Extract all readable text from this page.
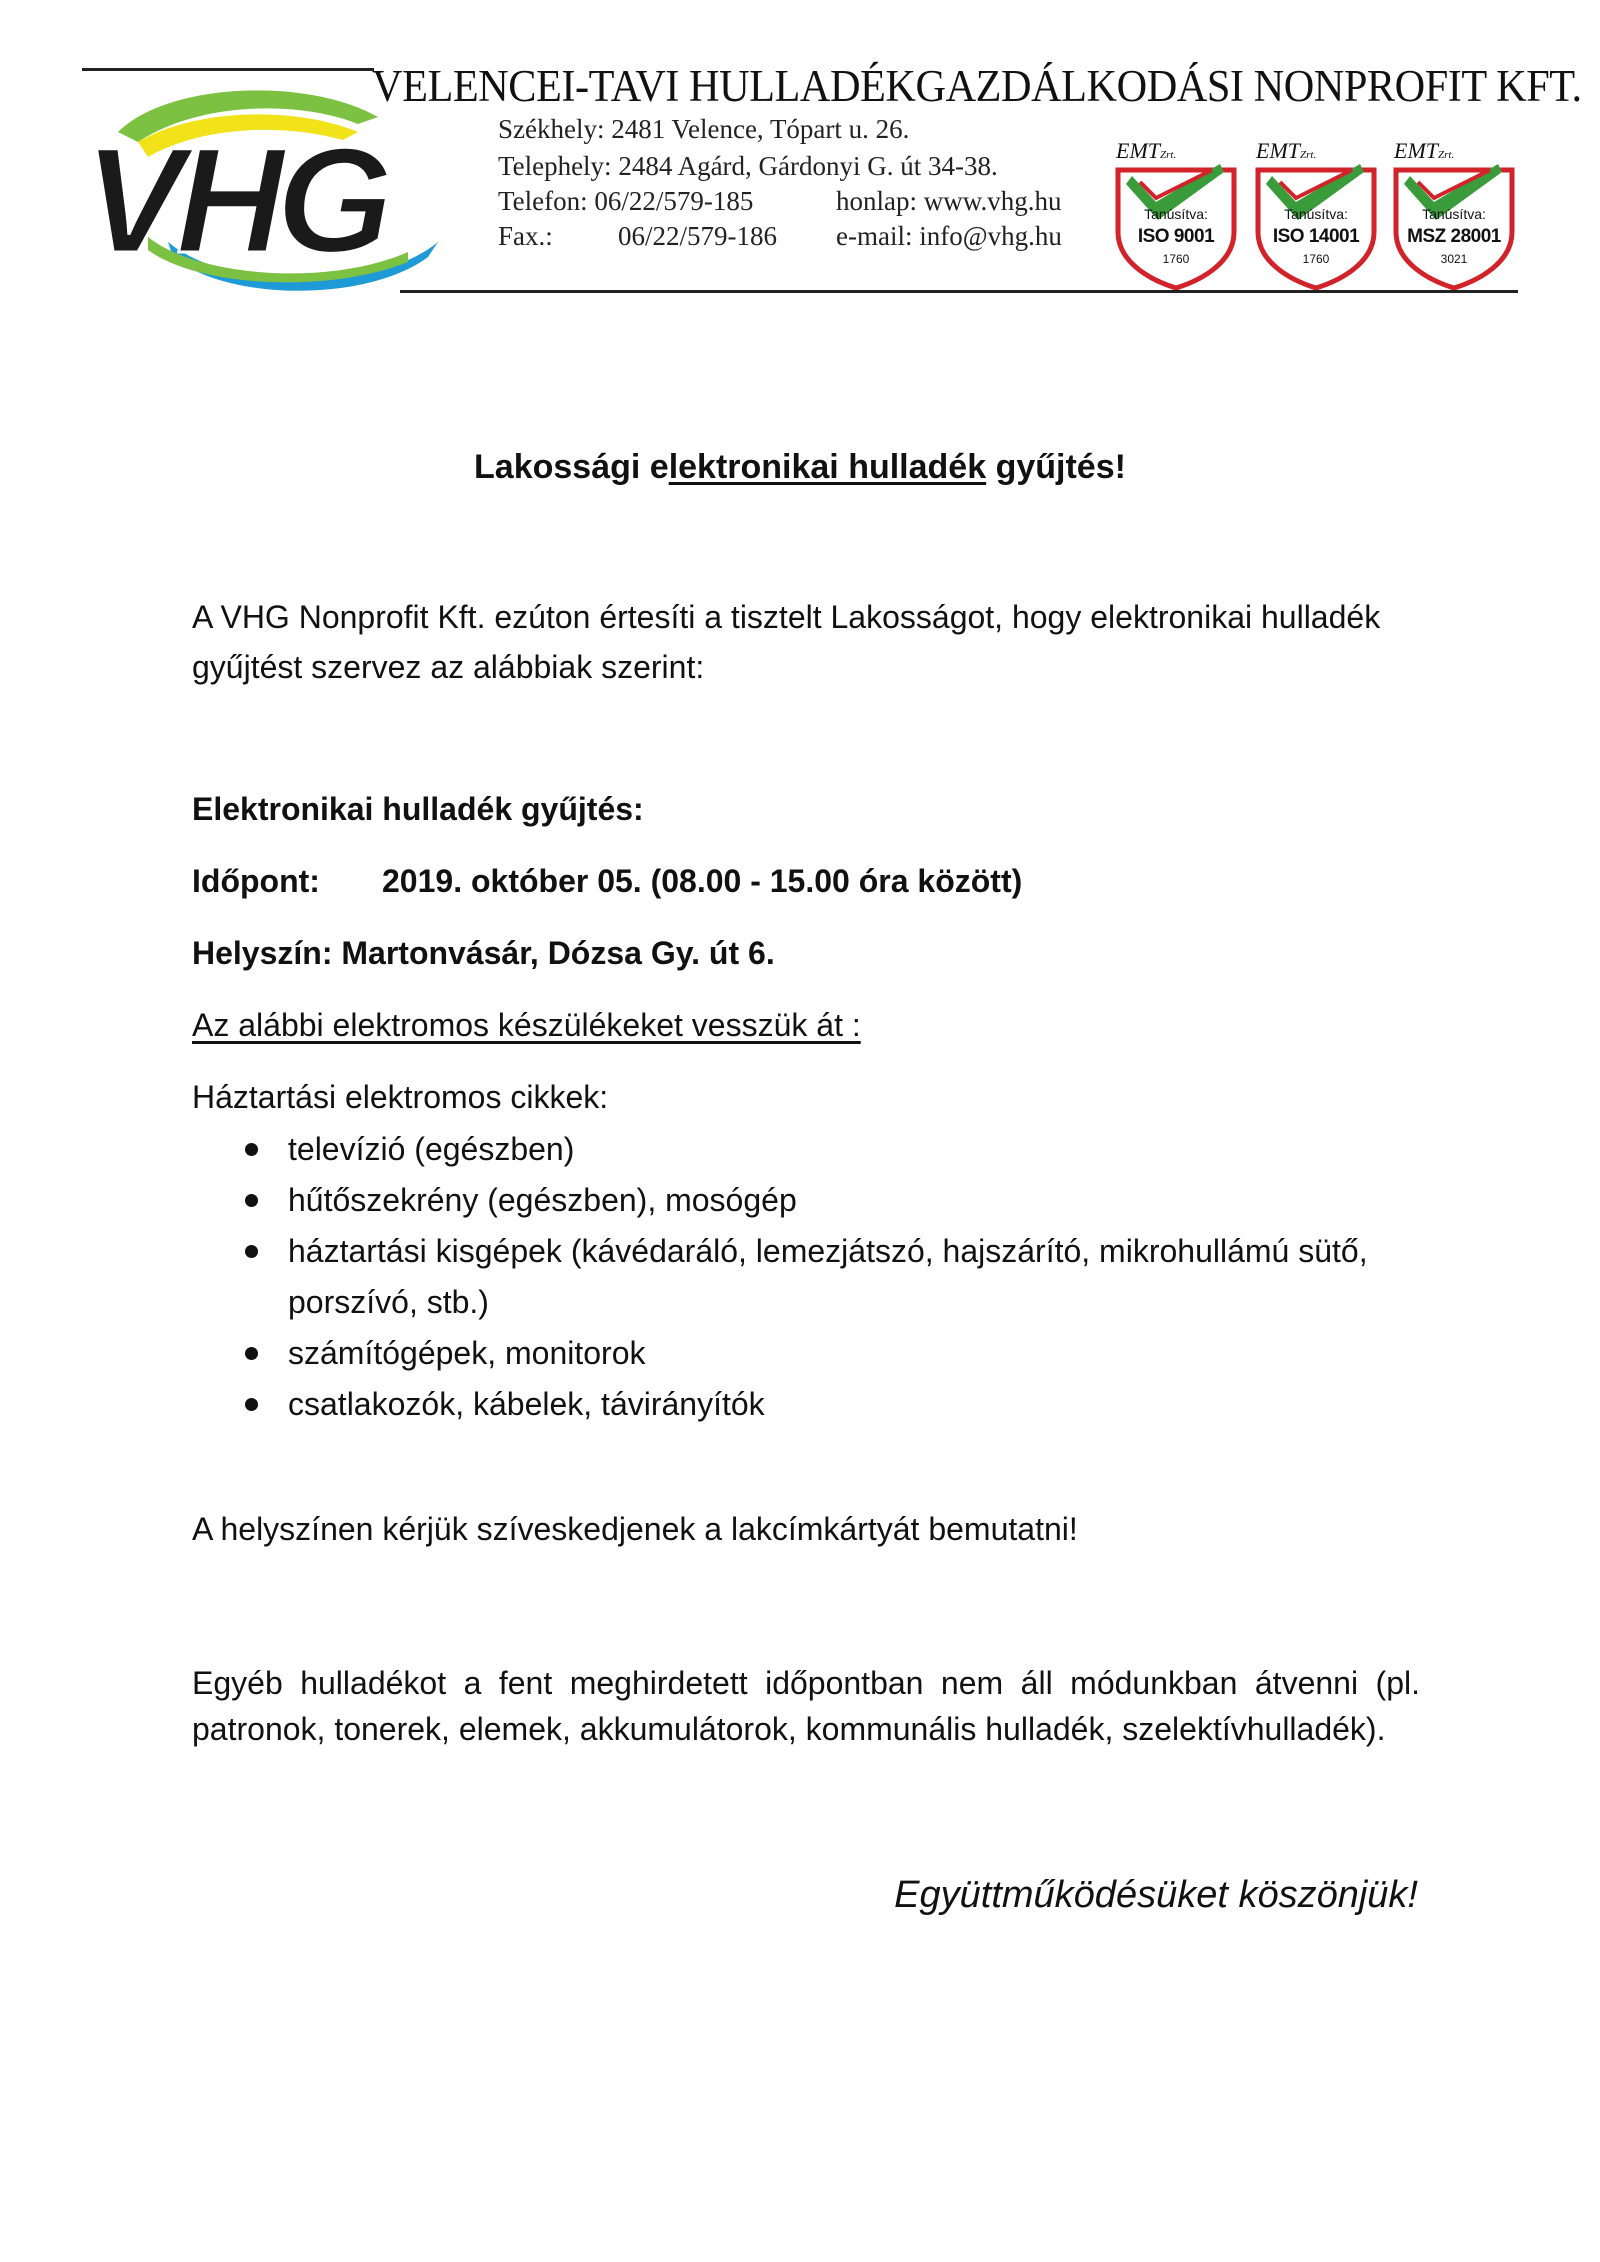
VHG
VELENCEI-TAVI HULLADÉKGAZDÁLKODÁSI NONPROFIT KFT.
Székhely: 2481 Velence, Tópart u. 26.
Telephely: 2484 Agárd, Gárdonyi G. út 34-38.
Telefon: 06/22/579-185	honlap: www.vhg.hu
Fax.: 06/22/579-186 e-mail: info@vhg.hu
EMTZrt.
Tanúsítva:
ISO 9001
1760
EMTZrt.
Tanúsítva:
ISO 14001
1760
EMTZrt.
Tanúsítva:
MSZ 28001
3021
Lakossági elektronikai hulladék gyűjtés!
A VHG Nonprofit Kft. ezúton értesíti a tisztelt Lakosságot, hogy elektronikai hulladék gyűjtést szervez az alábbiak szerint:
Elektronikai hulladék gyűjtés:
Időpont: 2019. október 05. (08.00 - 15.00 óra között)
Helyszín: Martonvásár, Dózsa Gy. út 6.
Az alábbi elektromos készülékeket vesszük át :
Háztartási elektromos cikkek:
televízió (egészben)
hűtőszekrény (egészben), mosógép
háztartási kisgépek (kávédaráló, lemezjátszó, hajszárító, mikrohullámú sütő, porszívó, stb.)
számítógépek, monitorok
csatlakozók, kábelek, távirányítók
A helyszínen kérjük szíveskedjenek a lakcímkártyát bemutatni!
Egyéb hulladékot a fent meghirdetett időpontban nem áll módunkban átvenni (pl. patronok, tonerek, elemek, akkumulátorok, kommunális hulladék, szelektívhulladék).
Együttműködésüket köszönjük!
